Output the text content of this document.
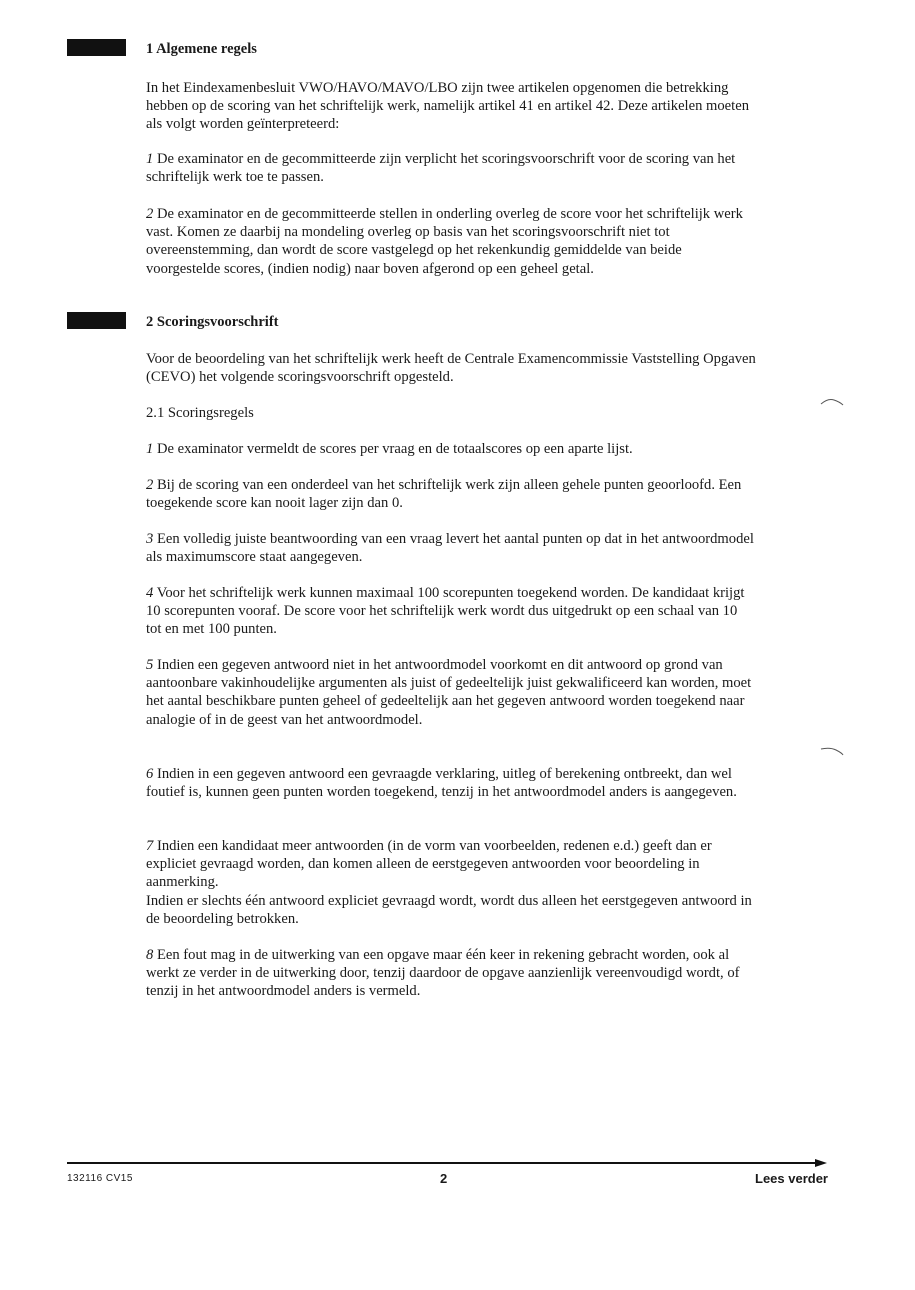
1 Algemene regels

In het Eindexamenbesluit VWO/HAVO/MAVO/LBO zijn twee artikelen opgenomen die betrekking hebben op de scoring van het schriftelijk werk, namelijk artikel 41 en artikel 42. Deze artikelen moeten als volgt worden geïnterpreteerd:

1 De examinator en de gecommitteerde zijn verplicht het scoringsvoorschrift voor de scoring van het schriftelijk werk toe te passen.

2 De examinator en de gecommitteerde stellen in onderling overleg de score voor het schriftelijk werk vast. Komen ze daarbij na mondeling overleg op basis van het scoringsvoorschrift niet tot overeenstemming, dan wordt de score vastgelegd op het rekenkundig gemiddelde van beide voorgestelde scores, (indien nodig) naar boven afgerond op een geheel getal.

2 Scoringsvoorschrift

Voor de beoordeling van het schriftelijk werk heeft de Centrale Examencommissie Vaststelling Opgaven (CEVO) het volgende scoringsvoorschrift opgesteld.

2.1 Scoringsregels

1 De examinator vermeldt de scores per vraag en de totaalscores op een aparte lijst.

2 Bij de scoring van een onderdeel van het schriftelijk werk zijn alleen gehele punten geoorloofd. Een toegekende score kan nooit lager zijn dan 0.

3 Een volledig juiste beantwoording van een vraag levert het aantal punten op dat in het antwoordmodel als maximumscore staat aangegeven.

4 Voor het schriftelijk werk kunnen maximaal 100 scorepunten toegekend worden. De kandidaat krijgt 10 scorepunten vooraf. De score voor het schriftelijk werk wordt dus uitgedrukt op een schaal van 10 tot en met 100 punten.

5 Indien een gegeven antwoord niet in het antwoordmodel voorkomt en dit antwoord op grond van aantoonbare vakinhoudelijke argumenten als juist of gedeeltelijk juist gekwalificeerd kan worden, moet het aantal beschikbare punten geheel of gedeeltelijk aan het gegeven antwoord worden toegekend naar analogie of in de geest van het antwoordmodel.

6 Indien in een gegeven antwoord een gevraagde verklaring, uitleg of berekening ontbreekt, dan wel foutief is, kunnen geen punten worden toegekend, tenzij in het antwoordmodel anders is aangegeven.

7 Indien een kandidaat meer antwoorden (in de vorm van voorbeelden, redenen e.d.) geeft dan er expliciet gevraagd worden, dan komen alleen de eerstgegeven antwoorden voor beoordeling in aanmerking.
Indien er slechts één antwoord expliciet gevraagd wordt, wordt dus alleen het eerstgegeven antwoord in de beoordeling betrokken.

8 Een fout mag in de uitwerking van een opgave maar één keer in rekening gebracht worden, ook al werkt ze verder in de uitwerking door, tenzij daardoor de opgave aanzienlijk vereenvoudigd wordt, of tenzij in het antwoordmodel anders is vermeld.

132116 CV15	2	Lees verder
